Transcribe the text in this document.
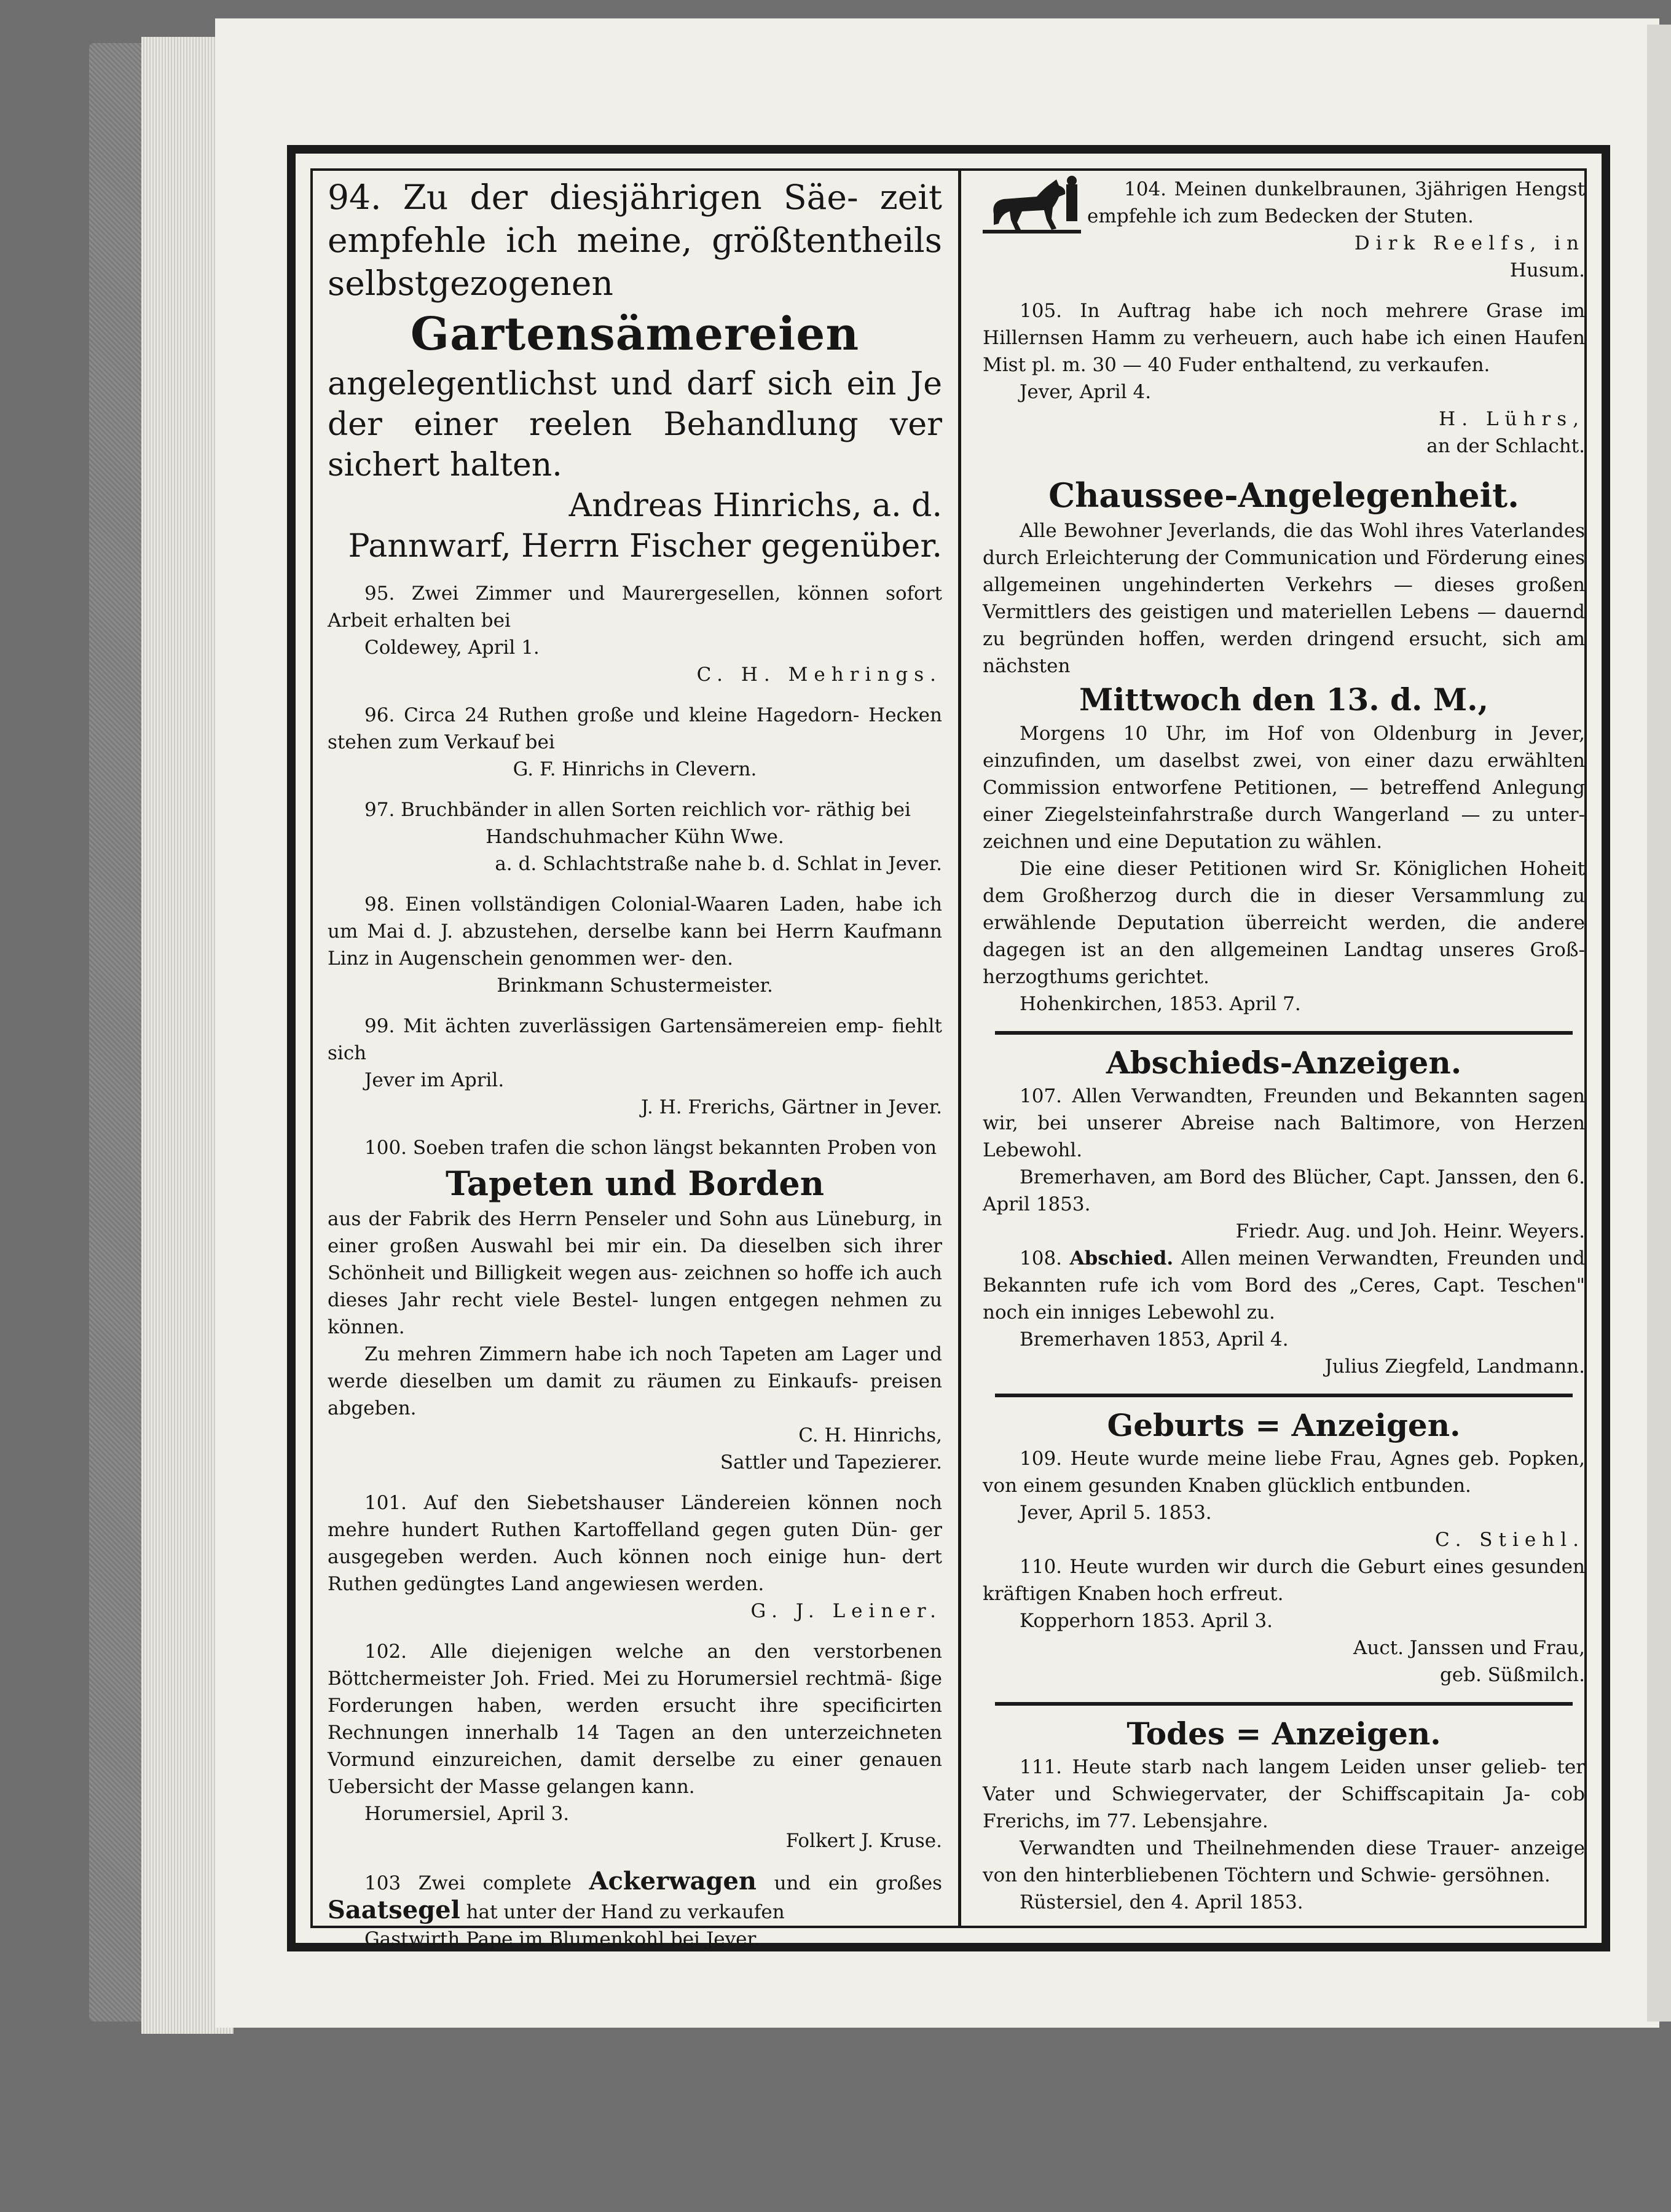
94. Zu der diesjährigen Säe- zeit empfehle ich meine, größtentheils selbstgezogenen

Gartensämereien

angelegentlichst und darf sich ein Je der einer reelen Behandlung ver sichert halten.

Andreas Hinrichs, a. d.

Pannwarf, Herrn Fischer gegenüber.

95. Zwei Zimmer und Maurergesellen, können sofort Arbeit erhalten bei

Coldewey, April 1.

C. H. Mehrings.

96. Circa 24 Ruthen große und kleine Hagedorn- Hecken stehen zum Verkauf bei

G. F. Hinrichs in Clevern.

97. Bruchbänder in allen Sorten reichlich vor- räthig bei

Handschuhmacher Kühn Wwe.

a. d. Schlachtstraße nahe b. d. Schlat in Jever.

98. Einen vollständigen Colonial-Waaren Laden, habe ich um Mai d. J. abzustehen, derselbe kann bei Herrn Kaufmann Linz in Augenschein genommen wer- den.

Brinkmann Schustermeister.

99. Mit ächten zuverlässigen Gartensämereien emp- fiehlt sich

Jever im April.

J. H. Frerichs, Gärtner in Jever.

100. Soeben trafen die schon längst bekannten Proben von

Tapeten und Borden

aus der Fabrik des Herrn Penseler und Sohn aus Lüneburg, in einer großen Auswahl bei mir ein. Da dieselben sich ihrer Schönheit und Billigkeit wegen aus- zeichnen so hoffe ich auch dieses Jahr recht viele Bestel- lungen entgegen nehmen zu können.

Zu mehren Zimmern habe ich noch Tapeten am Lager und werde dieselben um damit zu räumen zu Einkaufs- preisen abgeben.

C. H. Hinrichs,

Sattler und Tapezierer.

101. Auf den Siebetshauser Ländereien können noch mehre hundert Ruthen Kartoffelland gegen guten Dün- ger ausgegeben werden. Auch können noch einige hun- dert Ruthen gedüngtes Land angewiesen werden.

G. J. Leiner.

102. Alle diejenigen welche an den verstorbenen Böttchermeister Joh. Fried. Mei zu Horumersiel rechtmä- ßige Forderungen haben, werden ersucht ihre specificirten Rechnungen innerhalb 14 Tagen an den unterzeichneten Vormund einzureichen, damit derselbe zu einer genauen Uebersicht der Masse gelangen kann.

Horumersiel, April 3.

Folkert J. Kruse.

103 Zwei complete Ackerwagen und ein großes Saatsegel hat unter der Hand zu verkaufen

Gastwirth Pape im Blumenkohl bei Jever.

104. Meinen dunkelbraunen, 3jährigen Hengst empfehle ich zum Bedecken der Stuten.

Dirk Reelfs, in

Husum.

105. In Auftrag habe ich noch mehrere Grase im Hillernsen Hamm zu verheuern, auch habe ich einen Haufen Mist pl. m. 30 — 40 Fuder enthaltend, zu verkaufen.

Jever, April 4.

H. Lührs,

an der Schlacht.

Chaussee-Angelegenheit.

Alle Bewohner Jeverlands, die das Wohl ihres Vaterlandes durch Erleichterung der Communication und Förderung eines allgemeinen ungehinderten Verkehrs — dieses großen Vermittlers des geistigen und materiellen Lebens — dauernd zu begründen hoffen, werden dringend ersucht, sich am nächsten

Mittwoch den 13. d. M.,

Morgens 10 Uhr, im Hof von Oldenburg in Jever, einzufinden, um daselbst zwei, von einer dazu erwählten Commission entworfene Petitionen, — betreffend Anlegung einer Ziegelsteinfahrstraße durch Wangerland — zu unter- zeichnen und eine Deputation zu wählen.

Die eine dieser Petitionen wird Sr. Königlichen Hoheit dem Großherzog durch die in dieser Versammlung zu erwählende Deputation überreicht werden, die andere dagegen ist an den allgemeinen Landtag unseres Groß- herzogthums gerichtet.

Hohenkirchen, 1853. April 7.

Abschieds-Anzeigen.

107. Allen Verwandten, Freunden und Bekannten sagen wir, bei unserer Abreise nach Baltimore, von Herzen Lebewohl.

Bremerhaven, am Bord des Blücher, Capt. Janssen, den 6. April 1853.

Friedr. Aug. und Joh. Heinr. Weyers.

108. Abschied. Allen meinen Verwandten, Freunden und Bekannten rufe ich vom Bord des „Ceres, Capt. Teschen" noch ein inniges Lebewohl zu.

Bremerhaven 1853, April 4.

Julius Ziegfeld, Landmann.

Geburts = Anzeigen.

109. Heute wurde meine liebe Frau, Agnes geb. Popken, von einem gesunden Knaben glücklich entbunden.

Jever, April 5. 1853.

C. Stiehl.

110. Heute wurden wir durch die Geburt eines gesunden kräftigen Knaben hoch erfreut.

Kopperhorn 1853. April 3.

Auct. Janssen und Frau,

geb. Süßmilch.

Todes = Anzeigen.

111. Heute starb nach langem Leiden unser gelieb- ter Vater und Schwiegervater, der Schiffscapitain Ja- cob Frerichs, im 77. Lebensjahre.

Verwandten und Theilnehmenden diese Trauer- anzeige von den hinterbliebenen Töchtern und Schwie- gersöhnen.

Rüstersiel, den 4. April 1853.
